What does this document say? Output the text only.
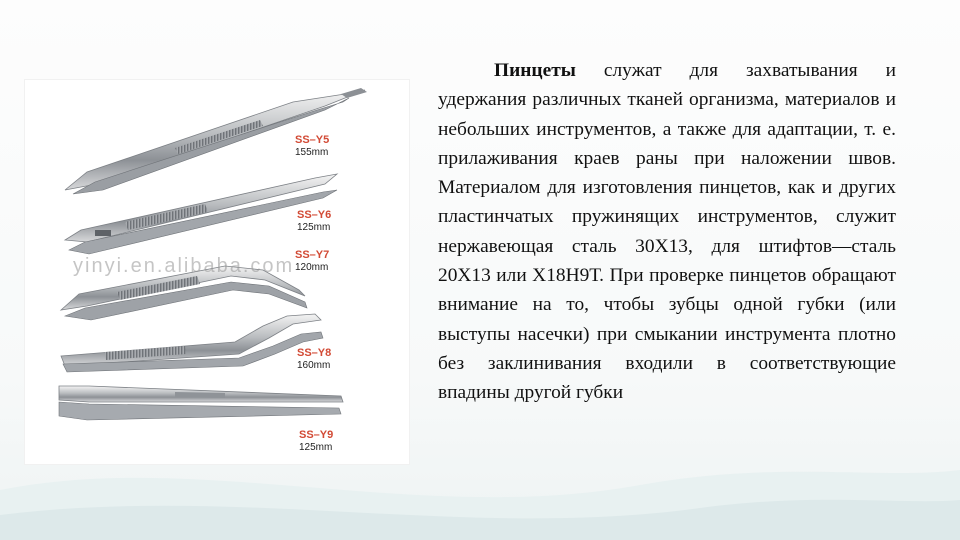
SS–Y5
155mm
SS–Y6
125mm
SS–Y7
120mm
SS–Y8
160mm
SS–Y9
125mm
yinyi.en.alibaba.com

Пинцеты служат для захватывания и удержания различных тканей организма, материалов и небольших инструментов, а также для адаптации, т. е. прилаживания краев раны при наложении швов. Материалом для изготовления пинцетов, как и других пластинчатых пружинящих инструментов, служит нержавеющая сталь 30Х13, для штифтов—сталь 20Х13 или Х18Н9Т. При проверке пинцетов обращают внимание на то, чтобы зубцы одной губки (или выступы насечки) при смыкании инструмента плотно без заклинивания входили в соответствующие впадины другой губки
